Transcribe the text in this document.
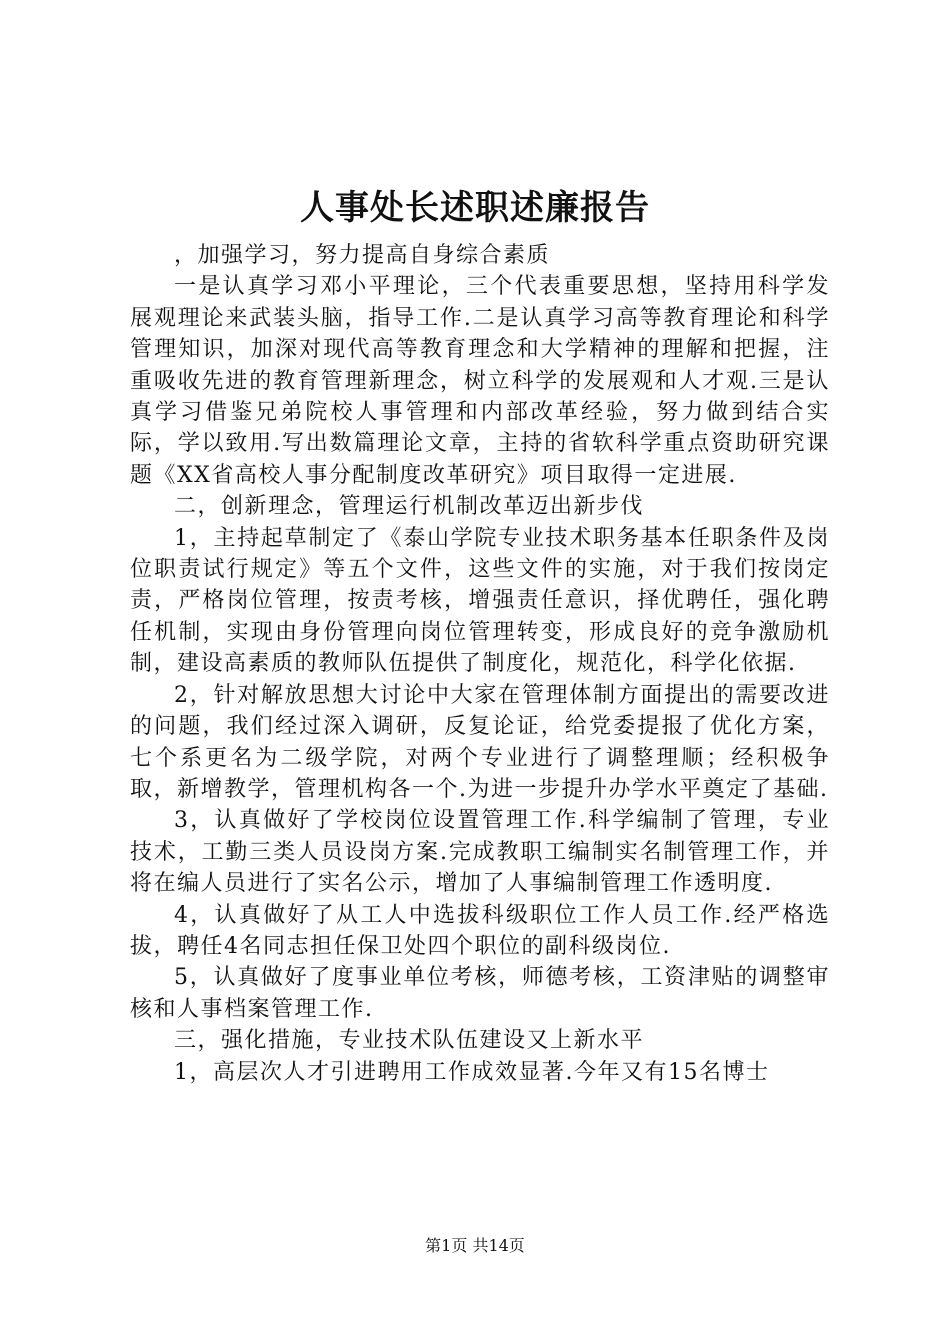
人事处长述职述廉报告

，加强学习，努力提高自身综合素质

一是认真学习邓小平理论，三个代表重要思想，坚持用科学发展观理论来武装头脑，指导工作.二是认真学习高等教育理论和科学管理知识，加深对现代高等教育理念和大学精神的理解和把握，注重吸收先进的教育管理新理念，树立科学的发展观和人才观.三是认真学习借鉴兄弟院校人事管理和内部改革经验，努力做到结合实际，学以致用.写出数篇理论文章，主持的省软科学重点资助研究课题《XX省高校人事分配制度改革研究》项目取得一定进展.

二，创新理念，管理运行机制改革迈出新步伐

1，主持起草制定了《泰山学院专业技术职务基本任职条件及岗位职责试行规定》等五个文件，这些文件的实施，对于我们按岗定责，严格岗位管理，按责考核，增强责任意识，择优聘任，强化聘任机制，实现由身份管理向岗位管理转变，形成良好的竞争激励机制，建设高素质的教师队伍提供了制度化，规范化，科学化依据.

2，针对解放思想大讨论中大家在管理体制方面提出的需要改进的问题，我们经过深入调研，反复论证，给党委提报了优化方案，七个系更名为二级学院，对两个专业进行了调整理顺；经积极争取，新增教学，管理机构各一个.为进一步提升办学水平奠定了基础.

3，认真做好了学校岗位设置管理工作.科学编制了管理，专业技术，工勤三类人员设岗方案.完成教职工编制实名制管理工作，并将在编人员进行了实名公示，增加了人事编制管理工作透明度.

4，认真做好了从工人中选拔科级职位工作人员工作.经严格选拔，聘任4名同志担任保卫处四个职位的副科级岗位.

5，认真做好了度事业单位考核，师德考核，工资津贴的调整审核和人事档案管理工作.

三，强化措施，专业技术队伍建设又上新水平

1，高层次人才引进聘用工作成效显著.今年又有15名博士

第1页 共14页
